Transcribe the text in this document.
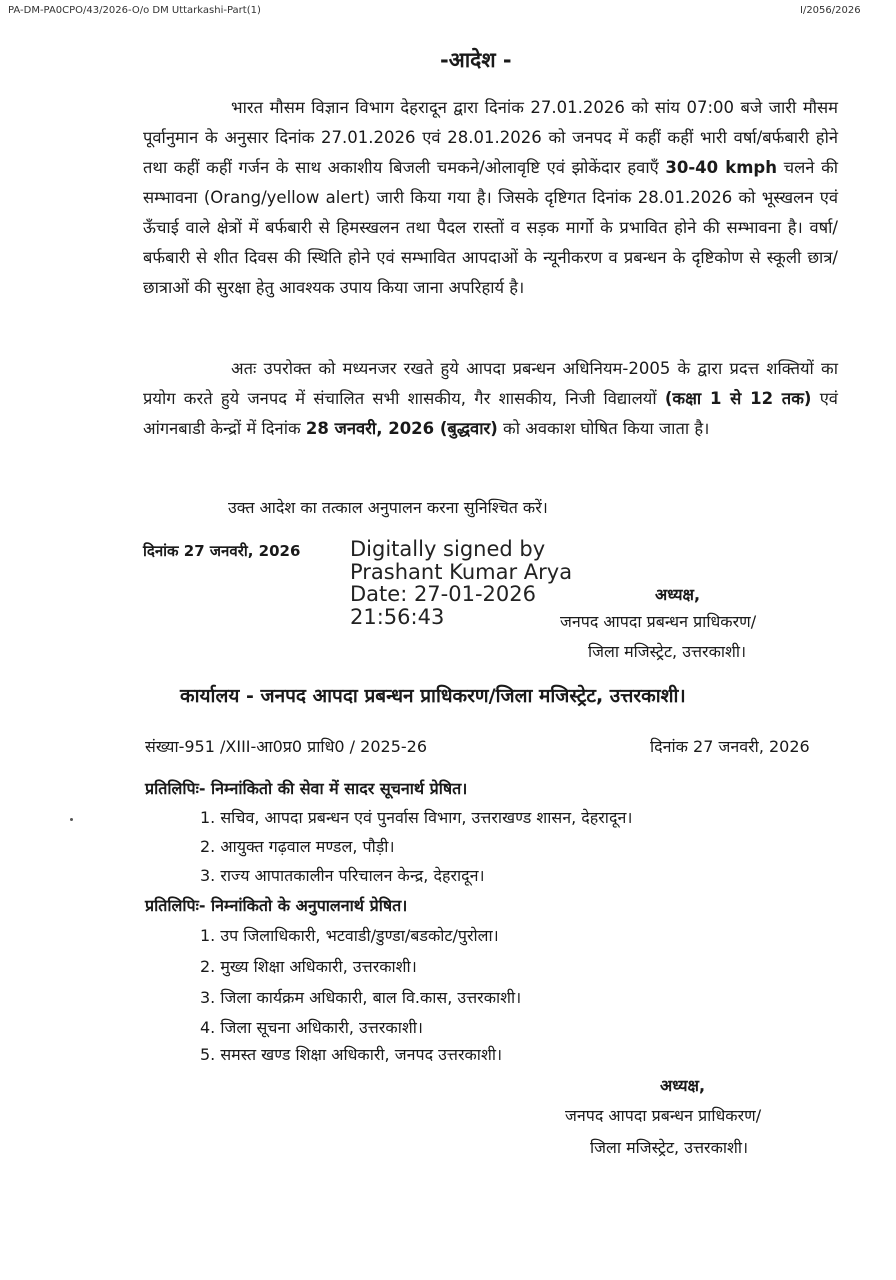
PA-DM-PA0CPO/43/2026-O/o DM Uttarkashi-Part(1)	I/2056/2026
-आदेश -

भारत मौसम विज्ञान विभाग देहरादून द्वारा दिनांक 27.01.2026 को सांय 07:00 बजे जारी मौसम पूर्वानुमान के अनुसार दिनांक 27.01.2026 एवं 28.01.2026 को जनपद में कहीं कहीं भारी वर्षा/बर्फबारी होने तथा कहीं कहीं गर्जन के साथ अकाशीय बिजली चमकने/ओलावृष्टि एवं झोकेंदार हवाएँ 30-40 kmph चलने की सम्भावना (Orang/yellow alert) जारी किया गया है। जिसके दृष्टिगत दिनांक 28.01.2026 को भूस्खलन एवं ऊँचाई वाले क्षेत्रों में बर्फबारी से हिमस्खलन तथा पैदल रास्तों व सड़क मार्गो के प्रभावित होने की सम्भावना है। वर्षा/बर्फबारी से शीत दिवस की स्थिति होने एवं सम्भावित आपदाओं के न्यूनीकरण व प्रबन्धन के दृष्टिकोण से स्कूली छात्र/छात्राओं की सुरक्षा हेतु आवश्यक उपाय किया जाना अपरिहार्य है।

अतः उपरोक्त को मध्यनजर रखते हुये आपदा प्रबन्धन अधिनियम-2005 के द्वारा प्रदत्त शक्तियों का प्रयोग करते हुये जनपद में संचालित सभी शासकीय, गैर शासकीय, निजी विद्यालयों (कक्षा 1 से 12 तक) एवं आंगनबाडी केन्द्रों में दिनांक 28 जनवरी, 2026 (बुद्धवार) को अवकाश घोषित किया जाता है।

उक्त आदेश का तत्काल अनुपालन करना सुनिश्चित करें।
दिनांक 27 जनवरी, 2026 Digitally signed by
Prashant Kumar Arya
Date: 27-01-2026
21:56:43
अध्यक्ष,
जनपद आपदा प्रबन्धन प्राधिकरण/
जिला मजिस्ट्रेट, उत्तरकाशी।
कार्यालय - जनपद आपदा प्रबन्धन प्राधिकरण/जिला मजिस्ट्रेट, उत्तरकाशी।
संख्या-951 /XIII-आ0प्र0 प्राधि0 / 2025-26	दिनांक 27 जनवरी, 2026
प्रतिलिपिः- निम्नांकितो की सेवा में सादर सूचनार्थ प्रेषित।
1. सचिव, आपदा प्रबन्धन एवं पुनर्वास विभाग, उत्तराखण्ड शासन, देहरादून।
2. आयुक्त गढ़वाल मण्डल, पौड़ी।
3. राज्य आपातकालीन परिचालन केन्द्र, देहरादून।
प्रतिलिपिः- निम्नांकितो के अनुपालनार्थ प्रेषित।
1. उप जिलाधिकारी, भटवाडी/डुण्डा/बडकोट/पुरोला।
2. मुख्य शिक्षा अधिकारी, उत्तरकाशी।
3. जिला कार्यक्रम अधिकारी, बाल वि.कास, उत्तरकाशी।
4. जिला सूचना अधिकारी, उत्तरकाशी।
5. समस्त खण्ड शिक्षा अधिकारी, जनपद उत्तरकाशी।
अध्यक्ष,
जनपद आपदा प्रबन्धन प्राधिकरण/
जिला मजिस्ट्रेट, उत्तरकाशी।
